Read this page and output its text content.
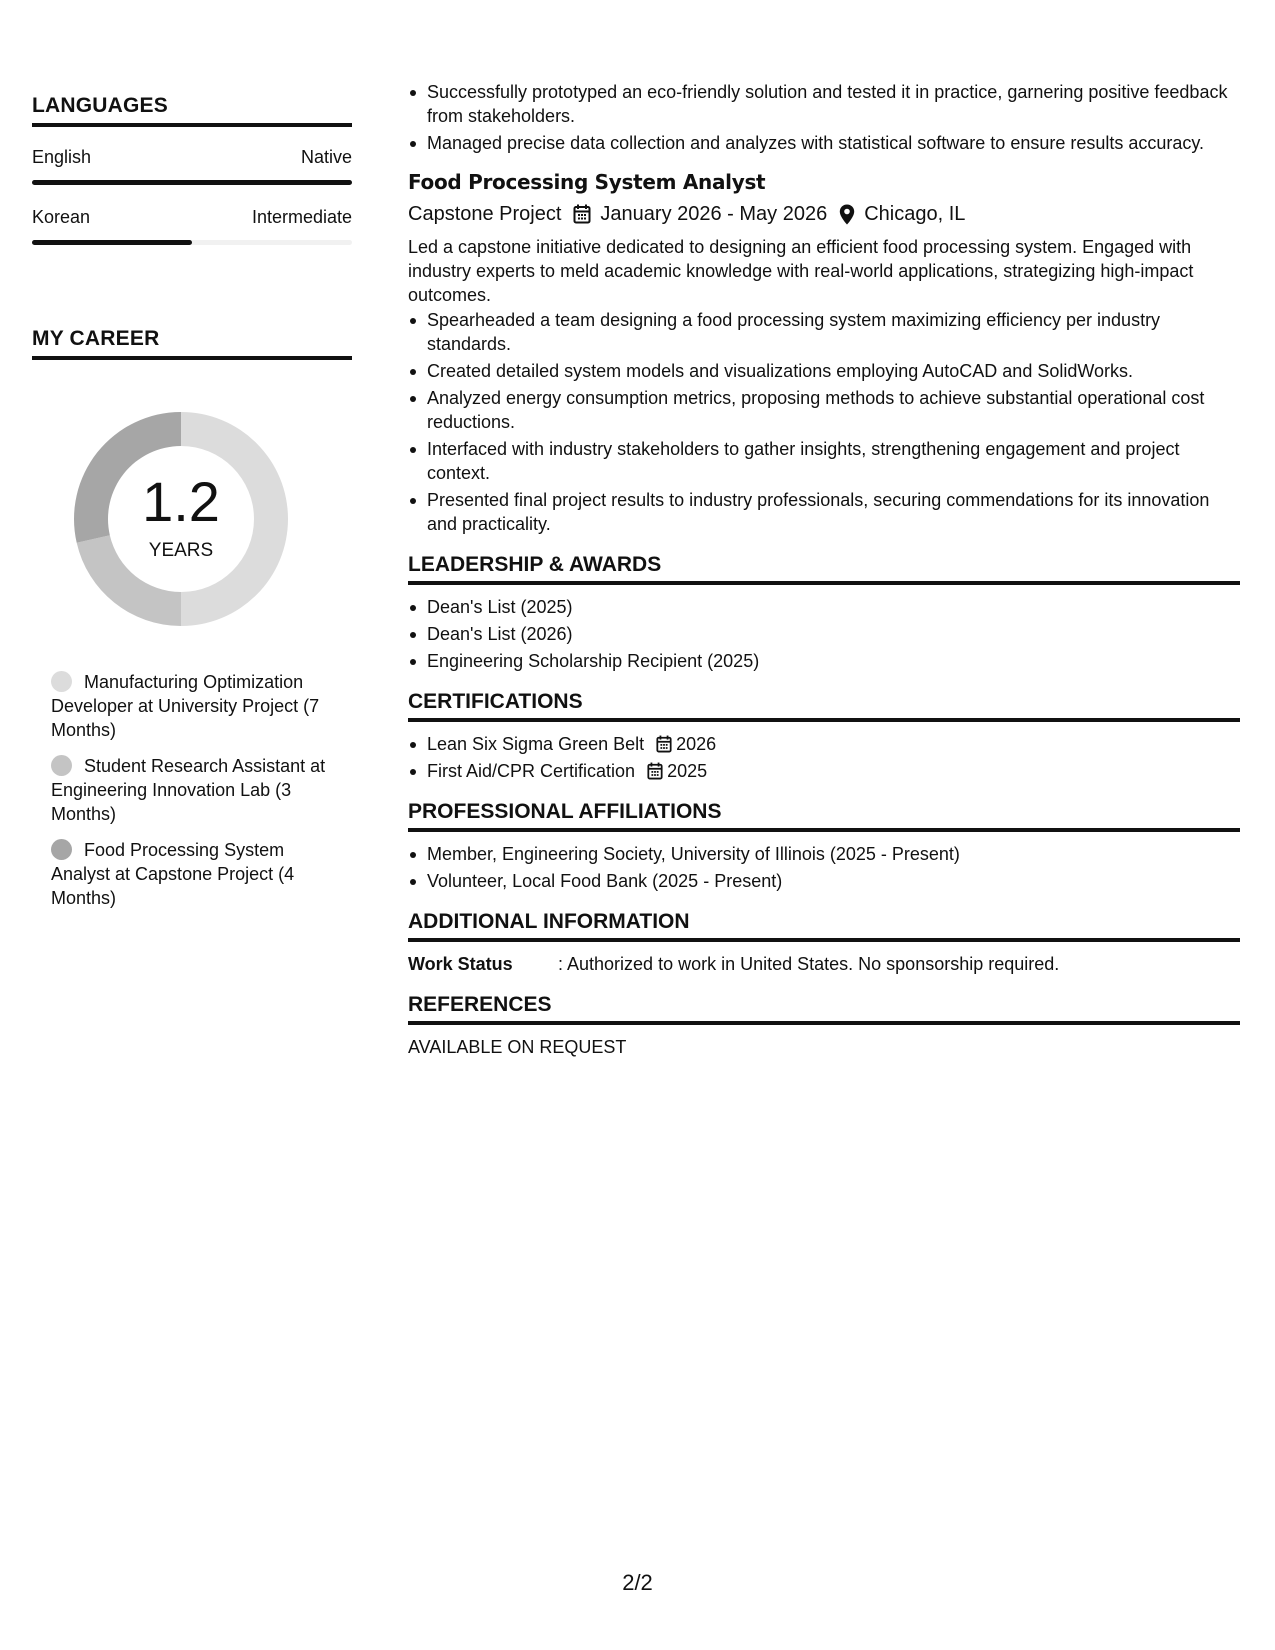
LANGUAGES
English	Native
Korean	Intermediate
MY CAREER
1.2
YEARS
Manufacturing Optimization Developer at University Project (7 Months)
Student Research Assistant at Engineering Innovation Lab (3 Months)
Food Processing System Analyst at Capstone Project (4 Months)
Successfully prototyped an eco-friendly solution and tested it in practice, garnering positive feedback from stakeholders.
Managed precise data collection and analyzes with statistical software to ensure results accuracy.
Food Processing System Analyst
Capstone Project January 2026 - May 2026 Chicago, IL
Led a capstone initiative dedicated to designing an efficient food processing system. Engaged with industry experts to meld academic knowledge with real-world applications, strategizing high-impact outcomes.
Spearheaded a team designing a food processing system maximizing efficiency per industry standards.
Created detailed system models and visualizations employing AutoCAD and SolidWorks.
Analyzed energy consumption metrics, proposing methods to achieve substantial operational cost reductions.
Interfaced with industry stakeholders to gather insights, strengthening engagement and project context.
Presented final project results to industry professionals, securing commendations for its innovation and practicality.
LEADERSHIP & AWARDS
Dean's List (2025)
Dean's List (2026)
Engineering Scholarship Recipient (2025)
CERTIFICATIONS
Lean Six Sigma Green Belt 2026
First Aid/CPR Certification 2025
PROFESSIONAL AFFILIATIONS
Member, Engineering Society, University of Illinois (2025 - Present)
Volunteer, Local Food Bank (2025 - Present)
ADDITIONAL INFORMATION
Work Status	: Authorized to work in United States. No sponsorship required.
REFERENCES
AVAILABLE ON REQUEST
2/2
